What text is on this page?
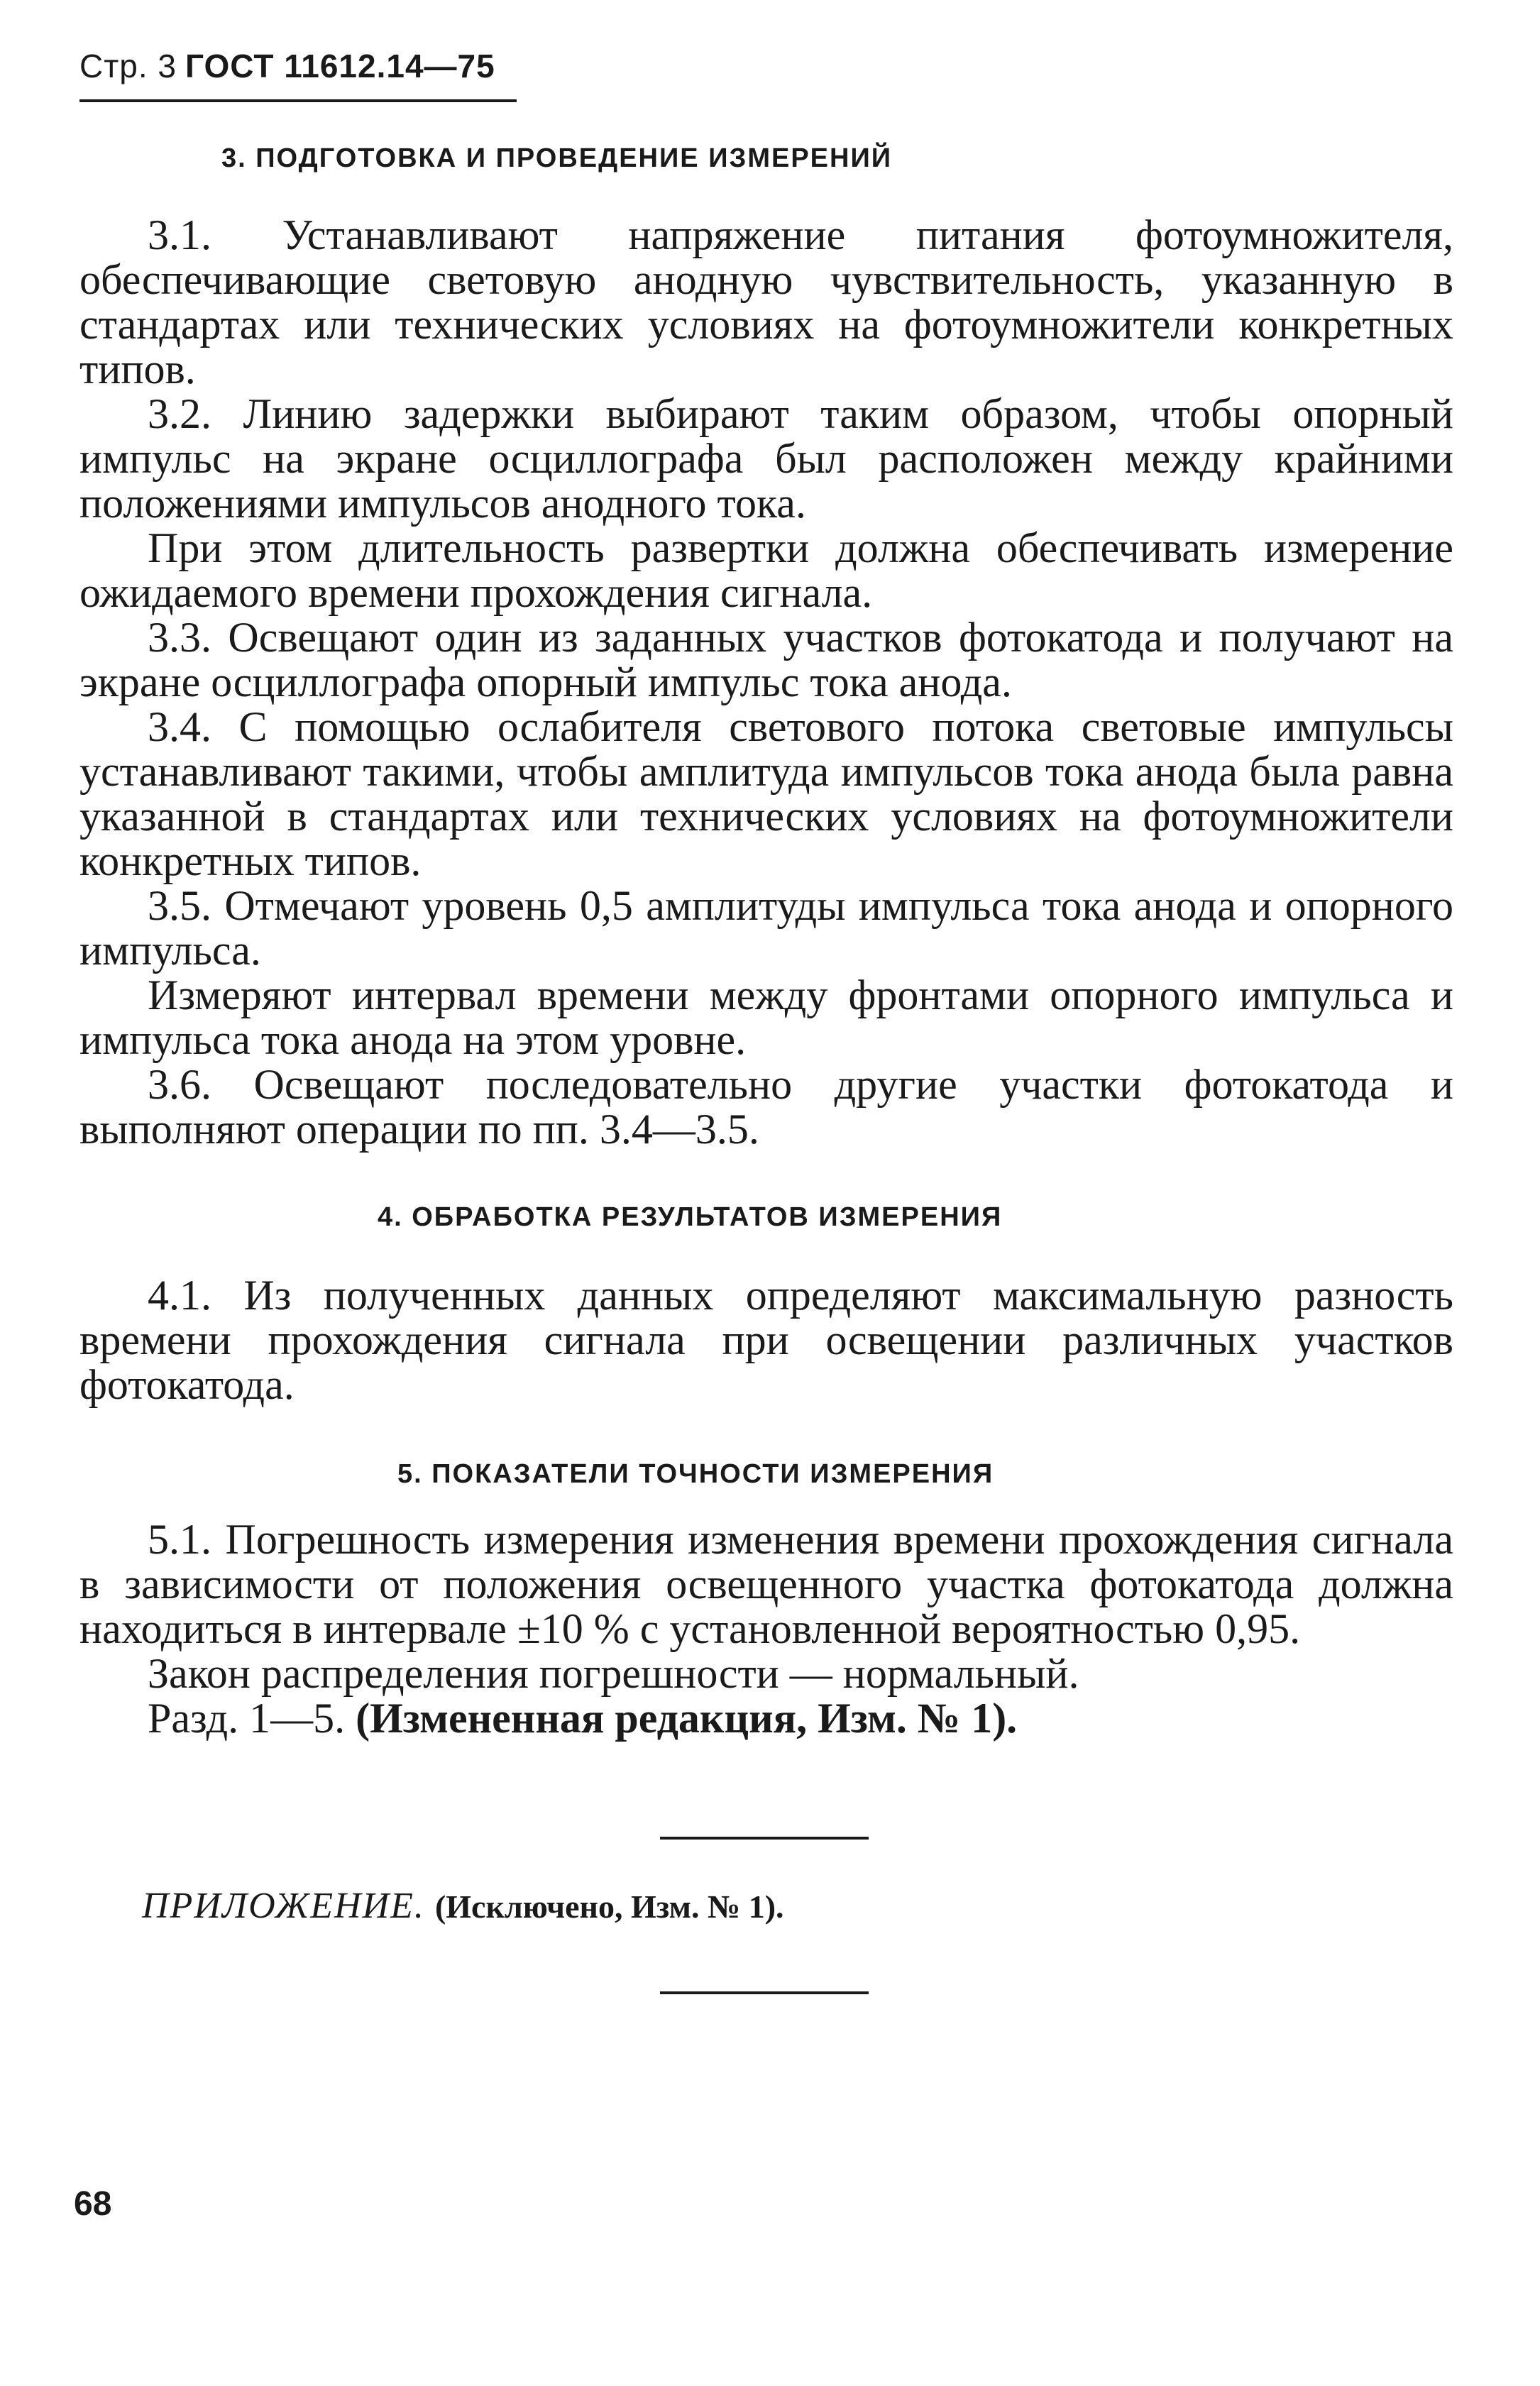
Стр. 3 ГОСТ 11612.14—75
3. ПОДГОТОВКА И ПРОВЕДЕНИЕ ИЗМЕРЕНИЙ

3.1. Устанавливают напряжение питания фотоумножителя, обеспечивающие световую анодную чувствительность, указанную в стандартах или технических условиях на фотоумножители конкретных типов.

3.2. Линию задержки выбирают таким образом, чтобы опорный импульс на экране осциллографа был расположен между крайними положениями импульсов анодного тока.

При этом длительность развертки должна обеспечивать измерение ожидаемого времени прохождения сигнала.

3.3. Освещают один из заданных участков фотокатода и получают на экране осциллографа опорный импульс тока анода.

3.4. С помощью ослабителя светового потока световые импульсы устанавливают такими, чтобы амплитуда импульсов тока анода была равна указанной в стандартах или технических условиях на фотоумножители конкретных типов.

3.5. Отмечают уровень 0,5 амплитуды импульса тока анода и опорного импульса.

Измеряют интервал времени между фронтами опорного импульса и импульса тока анода на этом уровне.

3.6. Освещают последовательно другие участки фотокатода и выполняют операции по пп. 3.4—3.5.

4. ОБРАБОТКА РЕЗУЛЬТАТОВ ИЗМЕРЕНИЯ

4.1. Из полученных данных определяют максимальную разность времени прохождения сигнала при освещении различных участков фотокатода.

5. ПОКАЗАТЕЛИ ТОЧНОСТИ ИЗМЕРЕНИЯ

5.1. Погрешность измерения изменения времени прохождения сигнала в зависимости от положения освещенного участка фотокатода должна находиться в интервале ±10 % с установленной вероятностью 0,95.

Закон распределения погрешности — нормальный.

Разд. 1—5. (Измененная редакция, Изм. № 1).

ПРИЛОЖЕНИЕ. (Исключено, Изм. № 1).
68
